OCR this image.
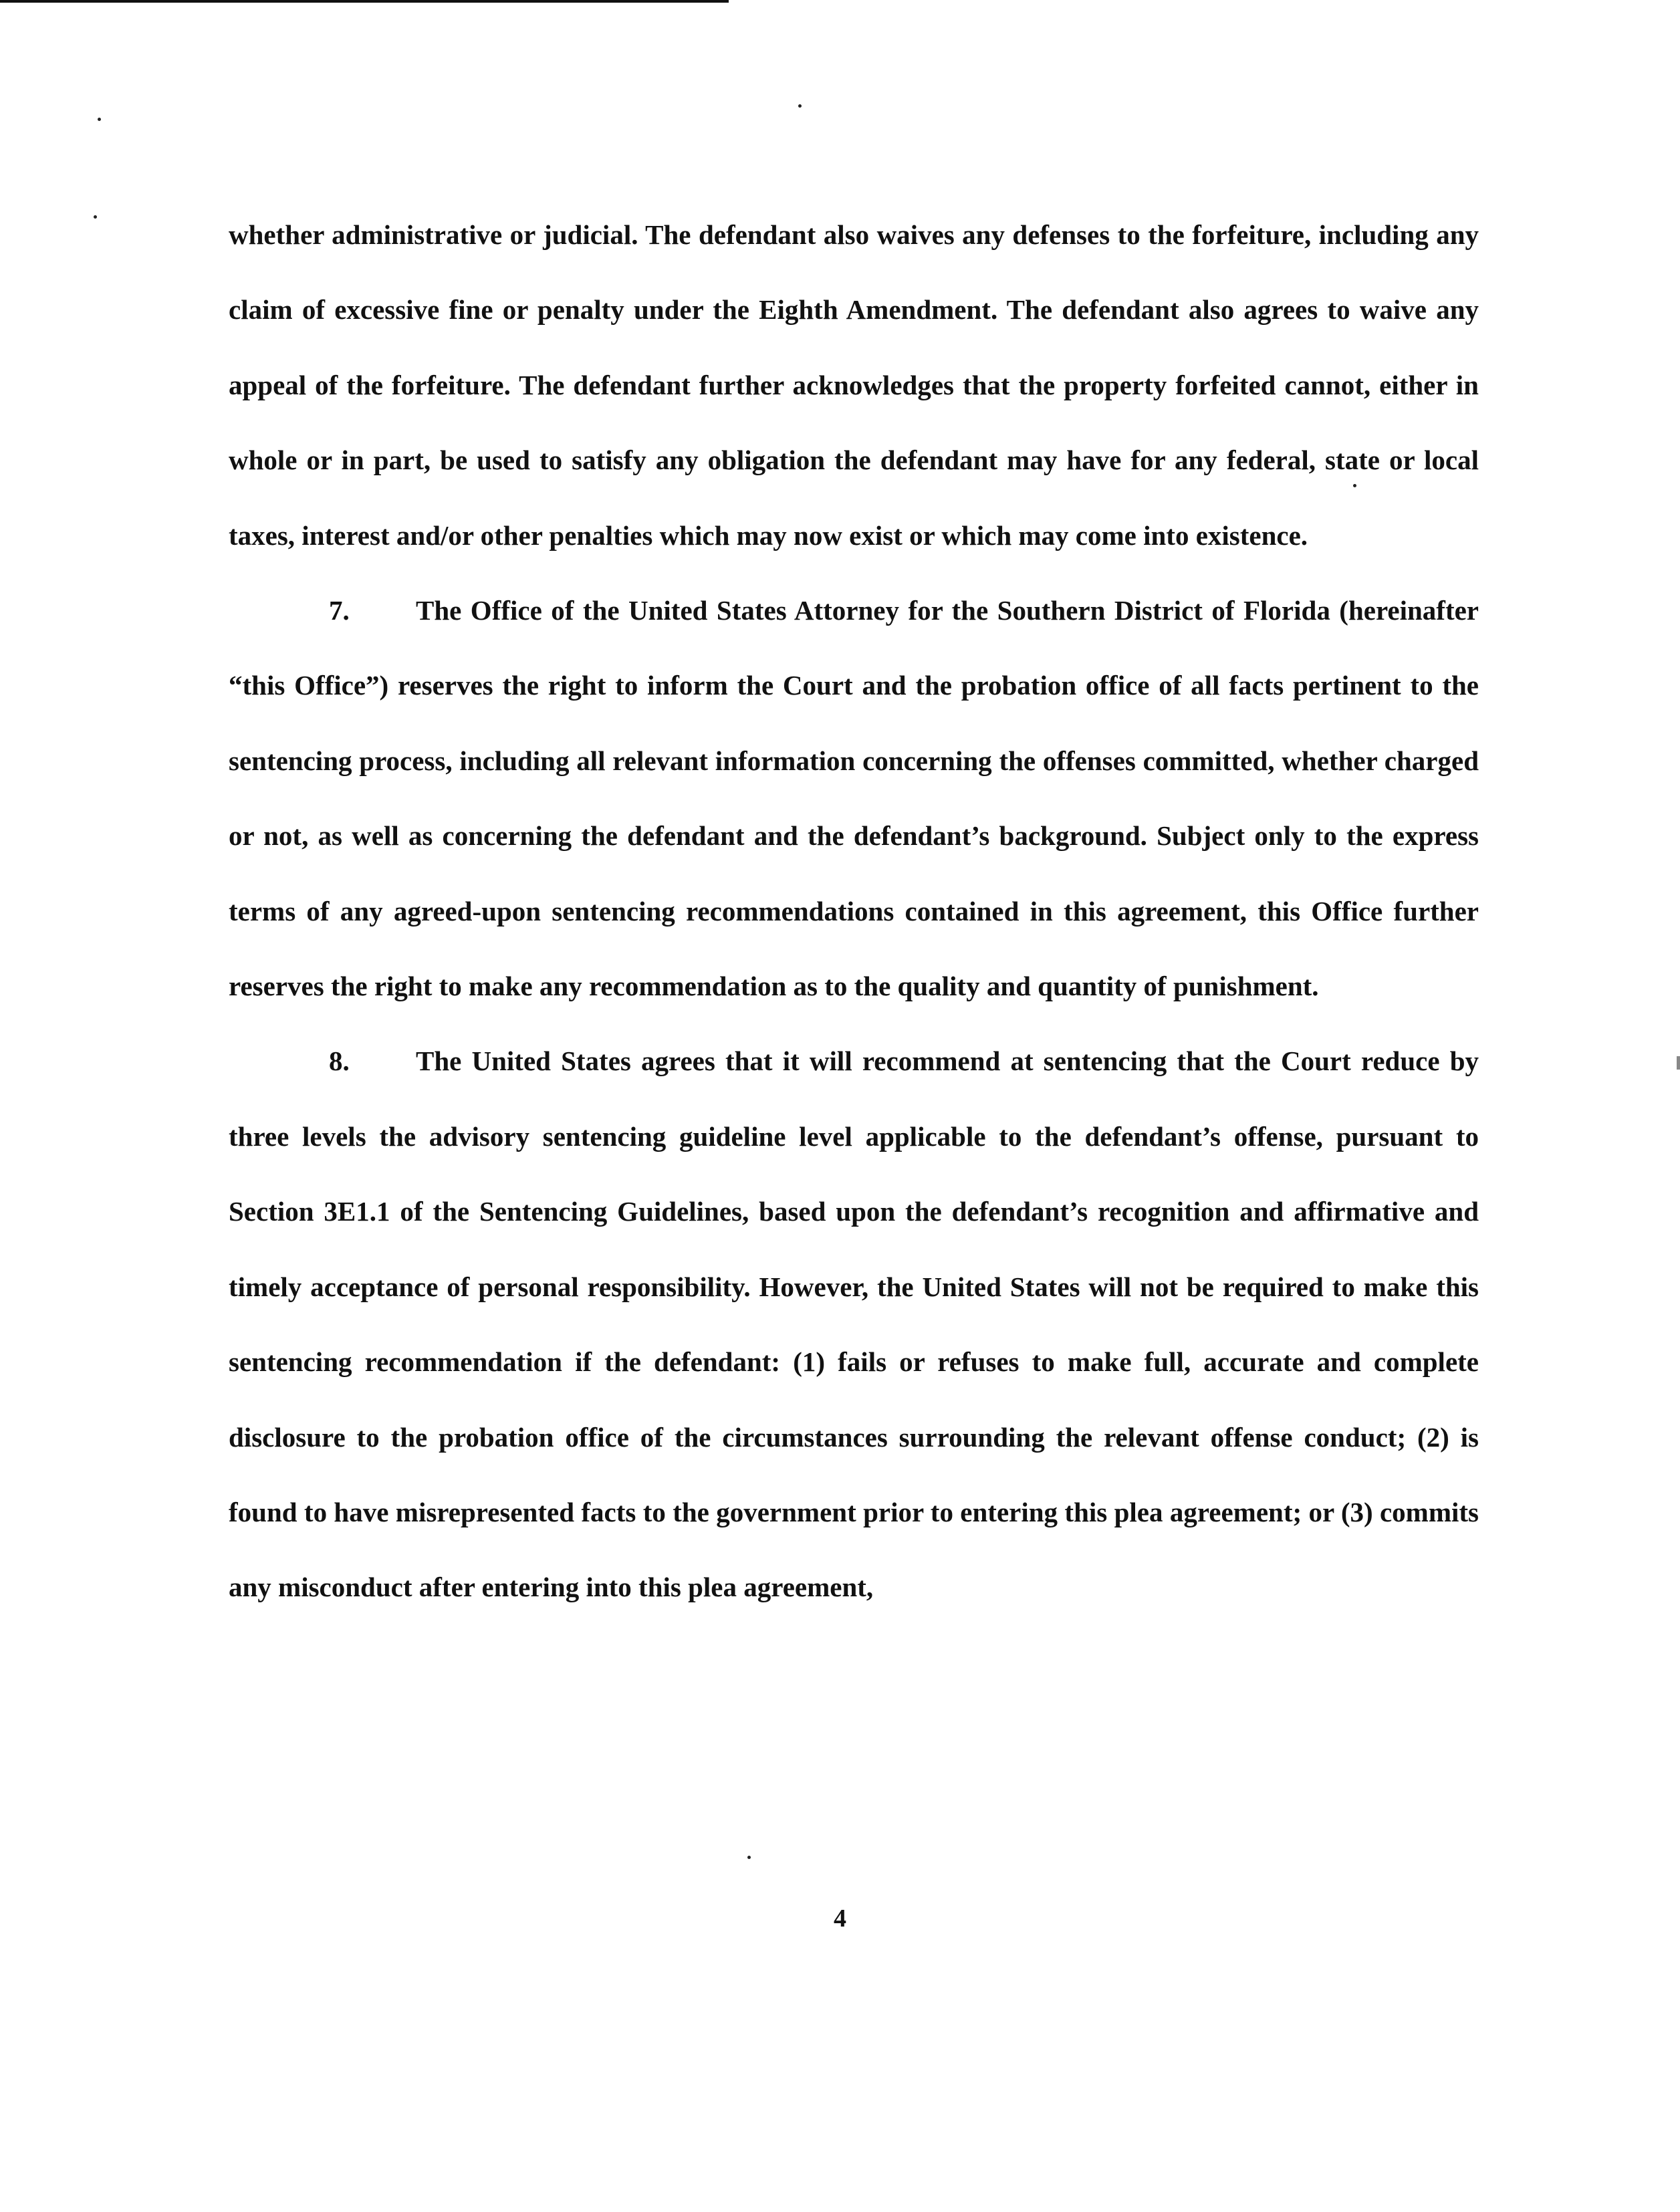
whether administrative or judicial. The defendant also waives any defenses to the forfeiture, including any claim of excessive fine or penalty under the Eighth Amendment. The defendant also agrees to waive any appeal of the forfeiture. The defendant further acknowledges that the property forfeited cannot, either in whole or in part, be used to satisfy any obligation the defendant may have for any federal, state or local taxes, interest and/or other penalties which may now exist or which may come into existence.

7. The Office of the United States Attorney for the Southern District of Florida (hereinafter “this Office”) reserves the right to inform the Court and the probation office of all facts pertinent to the sentencing process, including all relevant information concerning the offenses committed, whether charged or not, as well as concerning the defendant and the defendant’s background. Subject only to the express terms of any agreed-upon sentencing recommendations contained in this agreement, this Office further reserves the right to make any recommendation as to the quality and quantity of punishment.

8. The United States agrees that it will recommend at sentencing that the Court reduce by three levels the advisory sentencing guideline level applicable to the defendant’s offense, pursuant to Section 3E1.1 of the Sentencing Guidelines, based upon the defendant’s recognition and affirmative and timely acceptance of personal responsibility. However, the United States will not be required to make this sentencing recommendation if the defendant: (1) fails or refuses to make full, accurate and complete disclosure to the probation office of the circumstances surrounding the relevant offense conduct; (2) is found to have misrepresented facts to the government prior to entering this plea agreement; or (3) commits any misconduct after entering into this plea agreement,

4
